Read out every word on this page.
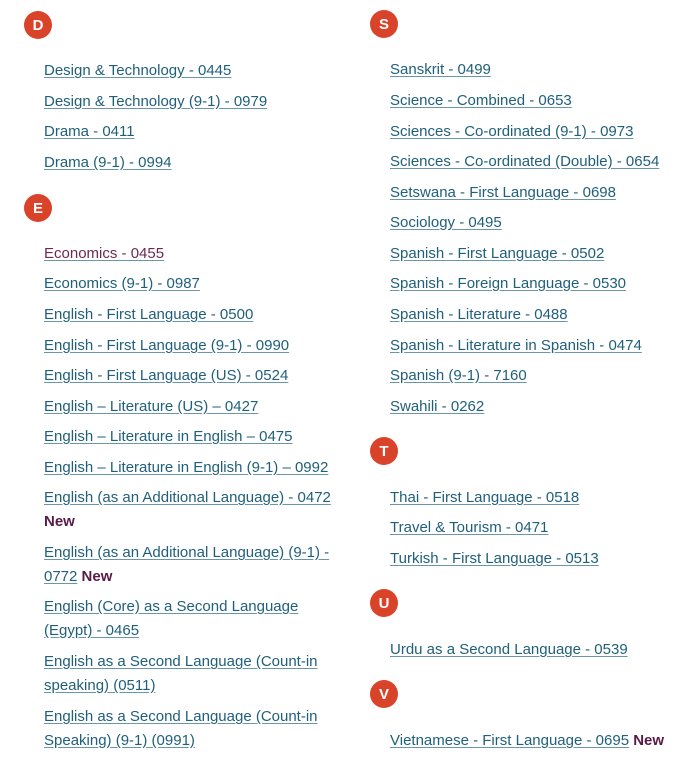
D
Design & Technology - 0445
Design & Technology (9-1) - 0979
Drama - 0411
Drama (9-1) - 0994
E
Economics - 0455
Economics (9-1) - 0987
English - First Language - 0500
English - First Language (9-1) - 0990
English - First Language (US) - 0524
English – Literature (US) – 0427
English – Literature in English – 0475
English – Literature in English (9-1) – 0992
English (as an Additional Language) - 0472
New
English (as an Additional Language) (9-1) - 0772 New
English (Core) as a Second Language (Egypt) - 0465
English as a Second Language (Count-in speaking) (0511)
English as a Second Language (Count-in Speaking) (9-1) (0991)
S
Sanskrit - 0499
Science - Combined - 0653
Sciences - Co-ordinated (9-1) - 0973
Sciences - Co-ordinated (Double) - 0654
Setswana - First Language - 0698
Sociology - 0495
Spanish - First Language - 0502
Spanish - Foreign Language - 0530
Spanish - Literature - 0488
Spanish - Literature in Spanish - 0474
Spanish (9-1) - 7160
Swahili - 0262
T
Thai - First Language - 0518
Travel & Tourism - 0471
Turkish - First Language - 0513
U
Urdu as a Second Language - 0539
V
Vietnamese - First Language - 0695 New
